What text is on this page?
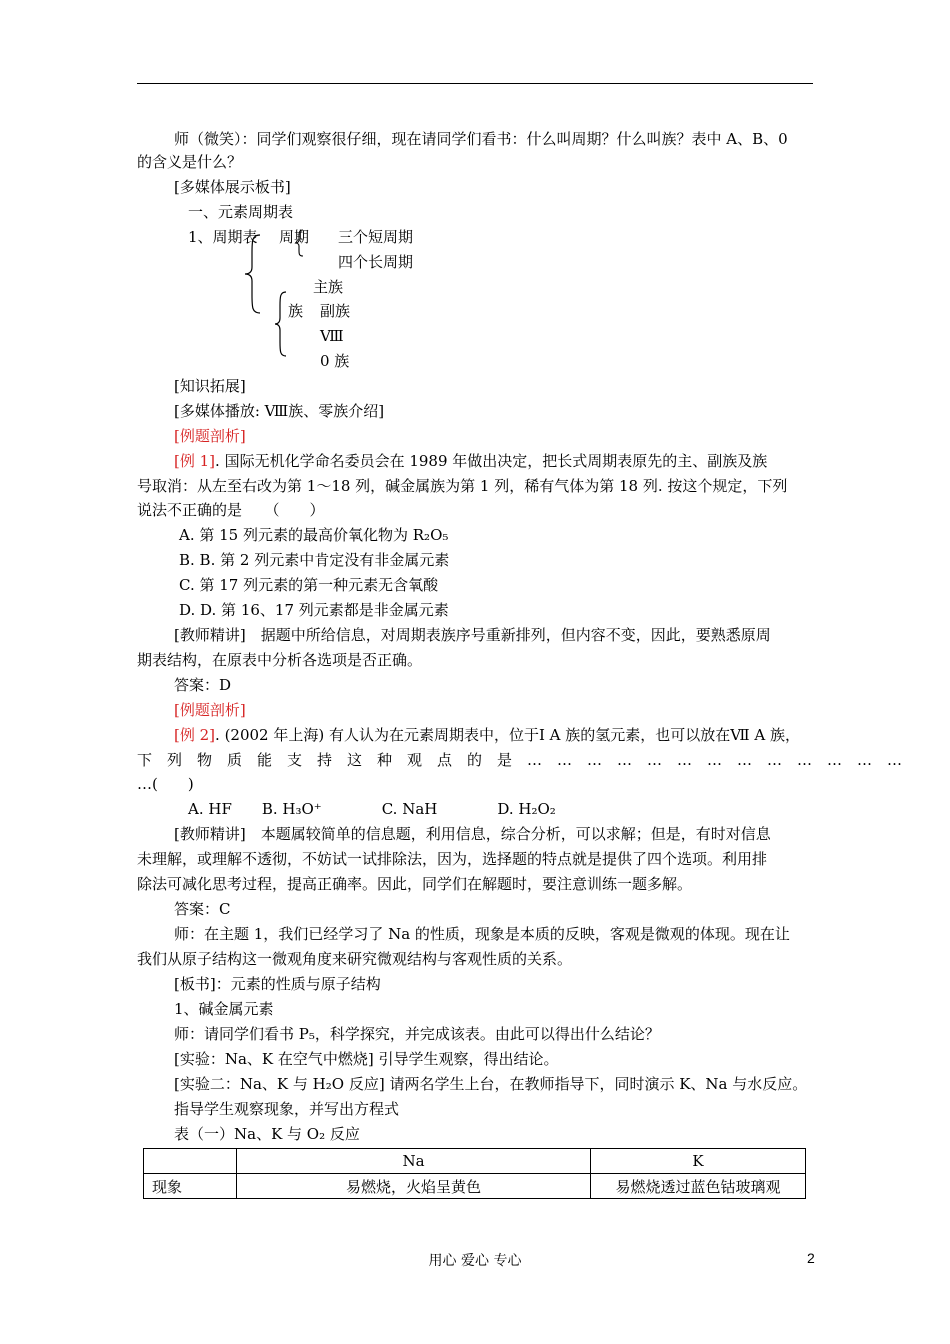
师（微笑）：同学们观察很仔细，现在请同学们看书：什么叫周期？什么叫族？表中 A、B、0
的含义是什么？
[多媒体展示板书]
一、元素周期表
1、周期表 周期 三个短周期
四个长周期
主族
族 副族
Ⅷ
0 族
[知识拓展]
[多媒体播放: Ⅷ族、零族介绍]
[例题剖析]
[例 1]. 国际无机化学命名委员会在 1989 年做出决定，把长式周期表原先的主、副族及族
号取消：从左至右改为第 1～18 列，碱金属族为第 1 列，稀有气体为第 18 列. 按这个规定，下列
说法不正确的是　　（　　）
A. 第 15 列元素的最高价氧化物为 R₂O₅
B. B. 第 2 列元素中肯定没有非金属元素
C. 第 17 列元素的第一种元素无含氧酸
D. D. 第 16、17 列元素都是非金属元素
[教师精讲]　据题中所给信息，对周期表族序号重新排列，但内容不变，因此，要熟悉原周
期表结构，在原表中分析各选项是否正确。
答案：D
[例题剖析]
[例 2]. (2002 年上海) 有人认为在元素周期表中，位于Ⅰ A 族的氢元素，也可以放在Ⅶ A 族，
下　列　物　质　能　支　持　这　种　观　点　的　是　…　…　…　…　…　…　…　…　…　…　…　…　…
…(　　)
A. HF　　B. H₃O⁺　　　　C. NaH　　　　D. H₂O₂
[教师精讲]　本题属较简单的信息题，利用信息，综合分析，可以求解；但是，有时对信息
未理解，或理解不透彻，不妨试一试排除法，因为，选择题的特点就是提供了四个选项。利用排
除法可减化思考过程，提高正确率。因此，同学们在解题时，要注意训练一题多解。
答案：C
师：在主题 1，我们已经学习了 Na 的性质，现象是本质的反映，客观是微观的体现。现在让
我们从原子结构这一微观角度来研究微观结构与客观性质的关系。
[板书]：元素的性质与原子结构
1、碱金属元素
师：请同学们看书 P₅，科学探究，并完成该表。由此可以得出什么结论？
[实验：Na、K 在空气中燃烧] 引导学生观察，得出结论。
[实验二：Na、K 与 H₂O 反应] 请两名学生上台，在教师指导下，同时演示 K、Na 与水反应。
指导学生观察现象，并写出方程式
表（一）Na、K 与 O₂ 反应
	Na	K
现象	易燃烧，火焰呈黄色	易燃烧透过蓝色钴玻璃观
用心 爱心 专心	2
